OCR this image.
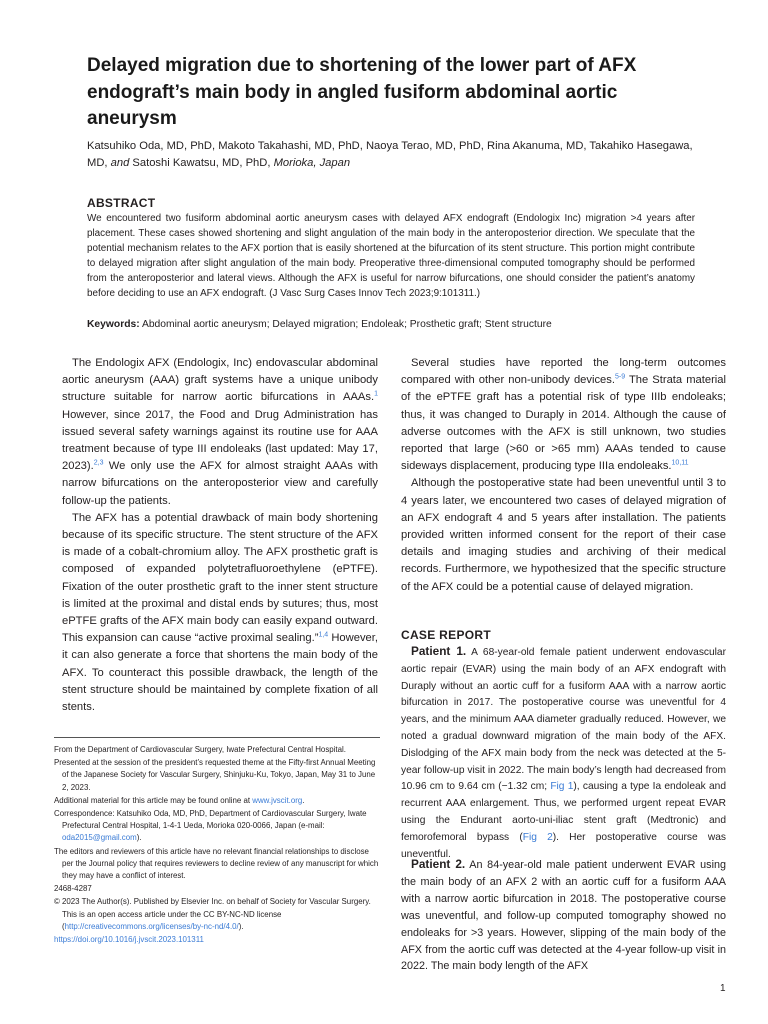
Delayed migration due to shortening of the lower part of AFX endograft’s main body in angled fusiform abdominal aortic aneurysm
Katsuhiko Oda, MD, PhD, Makoto Takahashi, MD, PhD, Naoya Terao, MD, PhD, Rina Akanuma, MD, Takahiko Hasegawa, MD, and Satoshi Kawatsu, MD, PhD, Morioka, Japan
ABSTRACT

We encountered two fusiform abdominal aortic aneurysm cases with delayed AFX endograft (Endologix Inc) migration >4 years after placement. These cases showed shortening and slight angulation of the main body in the anteroposterior direction. We speculate that the potential mechanism relates to the AFX portion that is easily shortened at the bifurcation of its stent structure. This portion might contribute to delayed migration after slight angulation of the main body. Preoperative three-dimensional computed tomography should be performed from the anteroposterior and lateral views. Although the AFX is useful for narrow bifurcations, one should consider the patient’s anatomy before deciding to use an AFX endograft. (J Vasc Surg Cases Innov Tech 2023;9:101311.)

Keywords: Abdominal aortic aneurysm; Delayed migration; Endoleak; Prosthetic graft; Stent structure

The Endologix AFX (Endologix, Inc) endovascular abdominal aortic aneurysm (AAA) graft systems have a unique unibody structure suitable for narrow aortic bifurcations in AAAs.$^1$ However, since 2017, the Food and Drug Administration has issued several safety warnings against its routine use for AAA treatment because of type III endoleaks (last updated: May 17, 2023).$^{2,3}$ We only use the AFX for almost straight AAAs with narrow bifurcations on the anteroposterior view and carefully follow-up the patients.

The AFX has a potential drawback of main body shortening because of its specific structure. The stent structure of the AFX is made of a cobalt-chromium alloy. The AFX prosthetic graft is composed of expanded polytetrafluoroethylene (ePTFE). Fixation of the outer prosthetic graft to the inner stent structure is limited at the proximal and distal ends by sutures; thus, most ePTFE grafts of the AFX main body can easily expand outward. This expansion can cause “active proximal sealing.”$^{1,4}$ However, it can also generate a force that shortens the main body of the AFX. To counteract this possible drawback, the length of the stent structure should be maintained by complete fixation of all stents.

Several studies have reported the long-term outcomes compared with other non-unibody devices.$^{5-9}$ The Strata material of the ePTFE graft has a potential risk of type IIIb endoleaks; thus, it was changed to Duraply in 2014. Although the cause of adverse outcomes with the AFX is still unknown, two studies reported that large (>60 or >65 mm) AAAs tended to cause sideways displacement, producing type IIIa endoleaks.$^{10,11}$

Although the postoperative state had been uneventful until 3 to 4 years later, we encountered two cases of delayed migration of an AFX endograft 4 and 5 years after installation. The patients provided written informed consent for the report of their case details and imaging studies and archiving of their medical records. Furthermore, we hypothesized that the specific structure of the AFX could be a potential cause of delayed migration.

CASE REPORT

Patient 1. A 68-year-old female patient underwent endovascular aortic repair (EVAR) using the main body of an AFX endograft with Duraply without an aortic cuff for a fusiform AAA with a narrow aortic bifurcation in 2017. The postoperative course was uneventful for 4 years, and the minimum AAA diameter gradually reduced. However, we noted a gradual downward migration of the main body of the AFX. Dislodging of the AFX main body from the neck was detected at the 5-year follow-up visit in 2022. The main body’s length had decreased from 10.96 cm to 9.64 cm (−1.32 cm; Fig 1), causing a type Ia endoleak and recurrent AAA enlargement. Thus, we performed urgent repeat EVAR using the Endurant aorto-uni-iliac stent graft (Medtronic) and femorofemoral bypass (Fig 2). Her postoperative course was uneventful.

Patient 2. An 84-year-old male patient underwent EVAR using the main body of an AFX 2 with an aortic cuff for a fusiform AAA with a narrow aortic bifurcation in 2018. The postoperative course was uneventful, and follow-up computed tomography showed no endoleaks for >3 years. However, slipping of the main body of the AFX from the aortic cuff was detected at the 4-year follow-up visit in 2022. The main body length of the AFX

From the Department of Cardiovascular Surgery, Iwate Prefectural Central Hospital.

Presented at the session of the president’s requested theme at the Fifty-first Annual Meeting of the Japanese Society for Vascular Surgery, Shinjuku-Ku, Tokyo, Japan, May 31 to June 2, 2023.

Additional material for this article may be found online at www.jvscit.org.

Correspondence: Katsuhiko Oda, MD, PhD, Department of Cardiovascular Surgery, Iwate Prefectural Central Hospital, 1-4-1 Ueda, Morioka 020-0066, Japan (e-mail: oda2015@gmail.com).

The editors and reviewers of this article have no relevant financial relationships to disclose per the Journal policy that requires reviewers to decline review of any manuscript for which they may have a conflict of interest.

2468-4287

© 2023 The Author(s). Published by Elsevier Inc. on behalf of Society for Vascular Surgery. This is an open access article under the CC BY-NC-ND license (http://creativecommons.org/licenses/by-nc-nd/4.0/).

https://doi.org/10.1016/j.jvscit.2023.101311

1
